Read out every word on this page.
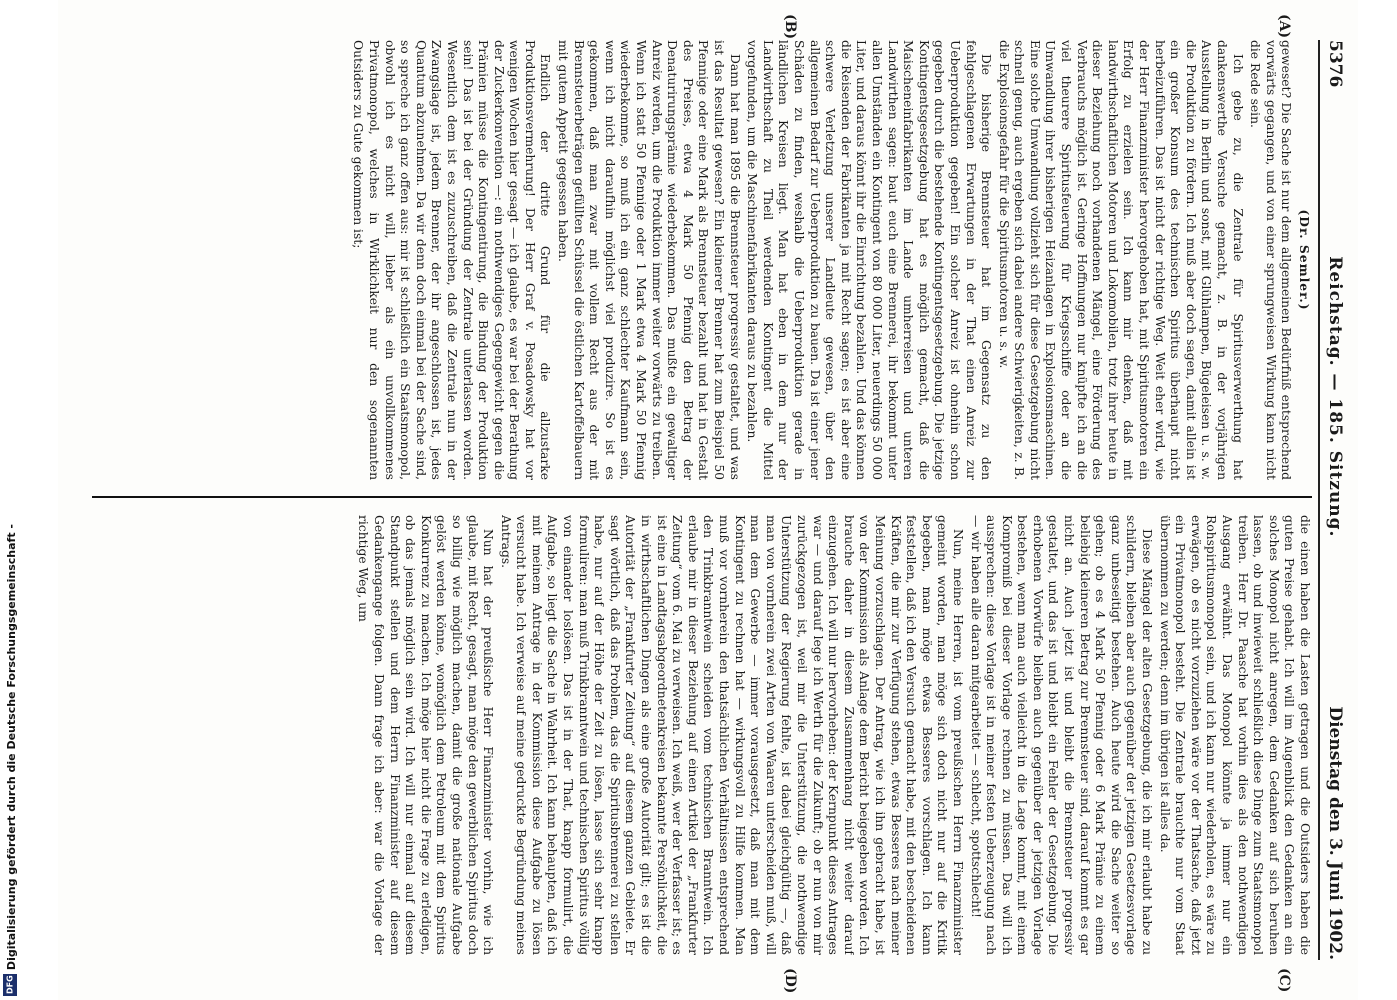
5376
Reichstag. — 185. Sitzung.
Dienstag den 3. Juni 1902.
(A)
(B)
(C)
(D)

(Dr. Semler.)

geweset? Die Sache ist nur dem allgemeinen Bedürfniß entsprechend vorwärts gegangen, und von einer sprungweisen Wirkung kann nicht die Rede sein.

Ich gebe zu, die Zentrale für Spiritusverwerthung hat dankenswerthe Versuche gemacht, z. B. in der vorjährigen Ausstellung in Berlin und sonst, mit Glühlampen, Bügeleisen u. s. w. die Produktion zu fördern. Ich muß aber doch sagen, damit allein ist ein großer Konsum des technischen Spiritus überhaupt nicht herbeizuführen. Das ist nicht der richtige Weg. Weit eher wird, wie der Herr Finanzminister hervorgehoben hat, mit Spiritusmotoren ein Erfolg zu erzielen sein. Ich kann mir denken, daß mit landwirthschaftlichen Motoren und Lokomobilen, trotz ihrer heute in dieser Beziehung noch vorhandenen Mängel, eine Förderung des Verbrauchs möglich ist. Geringe Hoffnungen nur knüpfte ich an die viel theurere Spiritusfeuerung für Kriegsschiffe oder an die Umwandlung ihrer bisherigen Heizanlagen in Explosionsmaschinen. Eine solche Umwandlung vollzieht sich für diese Gesetzgebung nicht schnell genug, auch ergeben sich dabei andere Schwierigkeiten, z. B. die Explosionsgefahr für die Spiritusmotoren u. s. w.

Die bisherige Brennsteuer hat im Gegensatz zu den fehlgeschlagenen Erwartungen in der That einen Anreiz zur Ueberproduktion gegeben! Ein solcher Anreiz ist ohnehin schon gegeben durch die bestehende Kontingentsgesetzgebung. Die jetzige Kontingentsgesetzgebung hat es möglich gemacht, daß die Maischeneinfabrikanten im Lande umherreisen und unteren Landwirthen sagen: baut euch eine Brennerei, ihr bekommt unter allen Umständen ein Kontingent von 80 000 Liter, neuerdings 50 000 Liter, und daraus könnt ihr die Einrichtung bezahlen. Und das können die Reisenden der Fabrikanten ja mit Recht sagen; es ist aber eine schwere Verletzung unserer Landleute gewesen, über den allgemeinen Bedarf zur Ueberproduktion zu bauen. Da ist einer jener Schäden zu finden, weshalb die Ueberproduktion gerade in ländlichen Kreisen liegt. Man hat eben in dem nur der Landwirthschaft zu Theil werdenden Kontingent die Mittel vorgefunden, um die Maschinenfabrikanten daraus zu bezahlen.

Dann hat man 1895 die Brennsteuer progressiv gestaltet, und was ist das Resultat gewesen? Ein kleinerer Brenner hat zum Beispiel 50 Pfennige oder eine Mark als Brennsteuer bezahlt und hat in Gestalt des Preises, etwa 4 Mark 50 Pfennig den Betrag der Denaturirungsprämie wiederbekommen. Das mußte ein gewaltiger Anreiz werden, um die Produktion immer weiter vorwärts zu treiben. Wenn ich statt 50 Pfennige oder 1 Mark etwa 4 Mark 50 Pfennig wiederbekomme, so muß ich ein ganz schlechter Kaufmann sein, wenn ich nicht daraufhin möglichst viel produzire. So ist es gekommen, daß man zwar mit vollem Recht aus der mit Brennsteuerbeträgen gefüllten Schüssel die östlichen Kartoffelbauern mit gutem Appetit gegessen haben.

Endlich der dritte Grund für die allzustarke Produktionsvermehrung! Der Herr Graf v. Posadowsky hat vor wenigen Wochen hier gesagt — ich glaube, es war bei der Berathung der Zuckerkonvention —: ein nothwendiges Gegengewicht gegen die Prämien müsse die Kontingentirung, die Bindung der Produktion sein! Das ist bei der Gründung der Zentrale unterlassen worden. Wesentlich dem ist es zuzuschreiben, daß die Zentrale nun in der Zwangslage ist, jedem Brenner, der ihr angeschlossen ist, jedes Quantum abzunehmen. Da wir denn doch einmal bei der Sache sind, so spreche ich ganz offen aus: mir ist schließlich ein Staatsmonopol, obwohl ich es nicht will, lieber als ein unvollkommenes Privatmonopol, welches in Wirklichkeit nur den sogenannten Outsiders zu Gute gekommen ist;

die einen haben die Lasten getragen und die Outsiders haben die guten Preise gehabt. Ich will im Augenblick den Gedanken an ein solches Monopol nicht anregen, dem Gedanken auf sich beruhen lassen, ob und inwieweit schließlich diese Dinge zum Staatsmonopol treiben. Herr Dr. Paasche hat vorhin dies als den nothwendigen Ausgang erwähnt. Das Monopol könnte ja immer nur ein Rohspiritusmonopol sein, und ich kann nur wiederholen, es wäre zu erwägen, ob es nicht vorzuziehen wäre vor der Thatsache, daß jetzt ein Privatmonopol besteht. Die Zentrale brauchte nur vom Staat übernommen zu werden; denn im übrigen ist alles da.

Diese Mängel der alten Gesetzgebung, die ich mir erlaubt habe zu schildern, bleiben aber auch gegenüber der jetzigen Gesetzesvorlage ganz unbeseitigt bestehen. Auch heute wird die Sache weiter so gehen; ob es 4 Mark 50 Pfennig oder 6 Mark Prämie zu einem beliebig kleineren Betrag zur Brennsteuer sind, darauf kommt es gar nicht an. Auch jetzt ist und bleibt die Brennsteuer progressiv gestaltet, und das ist und bleibt ein Fehler der Gesetzgebung. Die erhobenen Vorwürfe bleiben auch gegenüber der jetzigen Vorlage bestehen, wenn man auch vielleicht in die Lage kommt, mit einem Kompromiß bei dieser Vorlage rechnen zu müssen. Das will ich aussprechen: diese Vorlage ist in meiner festen Ueberzeugung nach — wir haben alle daran mitgearbeitet — schlecht, spottschlecht!

Nun, meine Herren, ist vom preußischen Herrn Finanzminister gemeint worden, man möge sich doch nicht nur auf die Kritik begeben, man möge etwas Besseres vorschlagen. Ich kann feststellen, daß ich den Versuch gemacht habe, mit den bescheidenen Kräften, die mir zur Verfügung stehen, etwas Besseres nach meiner Meinung vorzuschlagen. Der Antrag, wie ich ihn gebracht habe, ist von der Kommission als Anlage dem Bericht beigegeben worden. Ich brauche daher in diesem Zusammenhang nicht weiter darauf einzugehen. Ich will nur hervorheben: der Kernpunkt dieses Antrages war — und darauf lege ich Werth für die Zukunft; ob er nun von mir zurückgezogen ist, weil mir die Unterstützung, die nothwendige Unterstützung der Regierung fehlte, ist dabei gleichgültig —, daß man von vornherein zwei Arten von Waaren unterscheiden muß, will man dem Gewerbe — immer vorausgesetzt, daß man mit dem Kontingent zu rechnen hat — wirkungsvoll zu Hilfe kommen. Man muß vor vornherein den thatsächlichen Verhältnissen entsprechend den Trinkbranntwein scheiden vom technischen Branntwein. Ich erlaube mir in dieser Beziehung auf einen Artikel der „Frankfurter Zeitung“ vom 6. Mai zu verweisen. Ich weiß, wer der Verfasser ist; es ist eine in Landtagsabgeordnetenkreisen bekannte Persönlichkeit, die in wirthschaftlichen Dingen als eine große Autorität gilt; es ist die Autorität der „Frankfurter Zeitung“ auf diesem ganzen Gebiete. Er sagt wörtlich, daß das Problem, das die Spiritusbrennerei zu stellen habe, nur auf der Höhe der Zeit zu lösen, lasse sich sehr knapp formuliren: man muß Trinkbranntwein und technischen Spiritus völlig von einander loslösen. Das ist in der That, knapp formulirt, die Aufgabe, so liegt die Sache in Wahrheit. Ich kann behaupten, daß ich mit meinem Antrage in der Kommission diese Aufgabe zu lösen versucht habe. Ich verweise auf meine gedruckte Begründung meines Antrags.

Nun hat der preußische Herr Finanzminister vorhin, wie ich glaube, mit Recht, gesagt, man möge den gewerblichen Spiritus doch so billig wie möglich machen, damit die große nationale Aufgabe gelöst werden könne, womöglich dem Petroleum mit dem Spiritus Konkurrenz zu machen. Ich möge hier nicht die Frage zu erledigen, ob das jemals möglich sein wird. Ich will nur einmal auf diesem Standpunkt stellen und dem Herrn Finanzminister auf diesem Gedankengange folgen. Dann frage ich aber: war die Vorlage der richtige Weg, um

Digitalisierung gefördert durch die Deutsche Forschungsgemeinschaft -
DFG
